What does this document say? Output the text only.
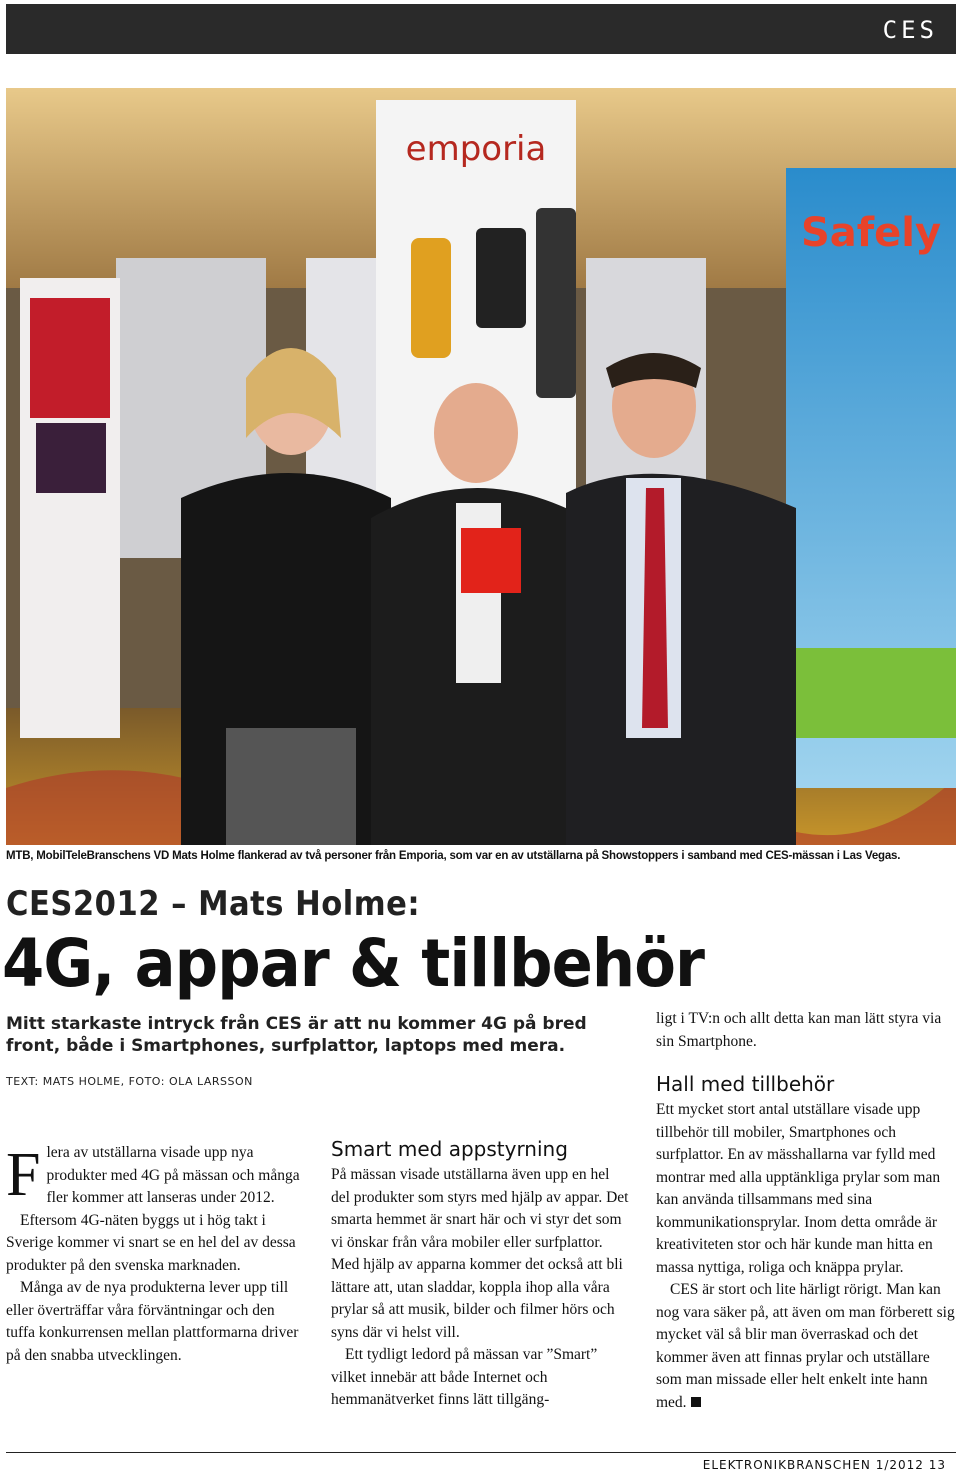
CES
emporia
Safely
MTB, MobilTeleBranschens VD Mats Holme flankerad av två personer från Emporia, som var en av utställarna på Showstoppers i samband med CES-mässan i Las Vegas.
CES2012 – Mats Holme:
4G, appar & tillbehör
Mitt starkaste intryck från CES är att nu kommer 4G på bred front, både i Smartphones, surfplattor, laptops med mera.
TEXT: MATS HOLME, FOTO: OLA LARSSON
F lera av utställarna visade upp nya produkter med 4G på mässan och många fler kommer att lanseras under 2012.

Eftersom 4G-näten byggs ut i hög takt i Sverige kommer vi snart se en hel del av dessa produkter på den svenska marknaden.

Många av de nya produkterna lever upp till eller överträffar våra förväntningar och den tuffa konkurrensen mellan plattformarna driver på den snabba utvecklingen.

Smart med appstyrning

På mässan visade utställarna även upp en hel del produkter som styrs med hjälp av appar. Det smarta hemmet är snart här och vi styr det som vi önskar från våra mobiler eller surfplattor. Med hjälp av apparna kommer det också att bli lättare att, utan sladdar, koppla ihop alla våra prylar så att musik, bilder och filmer hörs och syns där vi helst vill.

Ett tydligt ledord på mässan var ”Smart” vilket innebär att både Internet och hemmanätverket finns lätt tillgäng-

ligt i TV:n och allt detta kan man lätt styra via sin Smartphone.

Hall med tillbehör

Ett mycket stort antal utställare visade upp tillbehör till mobiler, Smartphones och surfplattor. En av mässhallarna var fylld med montrar med alla upptänkliga prylar som man kan använda tillsammans med sina kommunikationsprylar. Inom detta område är kreativiteten stor och här kunde man hitta en massa nyttiga, roliga och knäppa prylar.

CES är stort och lite härligt rörigt. Man kan nog vara säker på, att även om man förberett sig mycket väl så blir man överraskad och det kommer även att finnas prylar och utställare som man missade eller helt enkelt inte hann med.

ELEKTRONIKBRANSCHEN 1/2012 13
